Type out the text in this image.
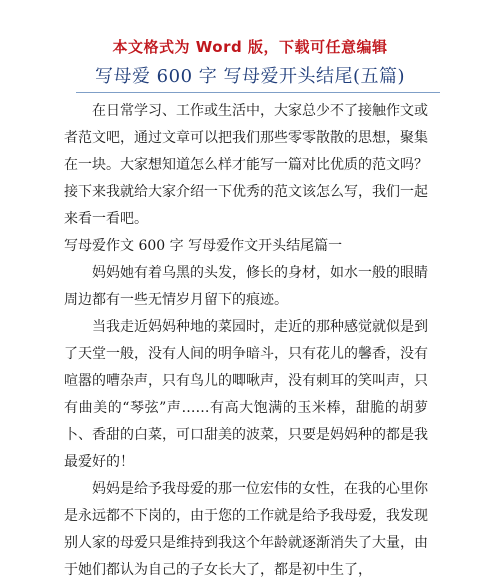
本文格式为 Word 版，下载可任意编辑
写母爱 600 字 写母爱开头结尾(五篇)

在日常学习、工作或生活中，大家总少不了接触作文或者范文吧，通过文章可以把我们那些零零散散的思想，聚集在一块。大家想知道怎么样才能写一篇对比优质的范文吗？接下来我就给大家介绍一下优秀的范文该怎么写，我们一起来看一看吧。

写母爱作文 600 字 写母爱作文开头结尾篇一

妈妈她有着乌黑的头发，修长的身材，如水一般的眼睛周边都有一些无情岁月留下的痕迹。

当我走近妈妈种地的菜园时，走近的那种感觉就似是到了天堂一般，没有人间的明争暗斗，只有花儿的馨香，没有喧嚣的嘈杂声，只有鸟儿的唧啾声，没有刺耳的笑叫声，只有曲美的“琴弦”声……有高大饱满的玉米棒，甜脆的胡萝卜、香甜的白菜，可口甜美的波菜，只要是妈妈种的都是我最爱好的！

妈妈是给予我母爱的那一位宏伟的女性，在我的心里你是永远都不下岗的，由于您的工作就是给予我母爱，我发现别人家的母爱只是维持到我这个年龄就逐渐消失了大量，由于她们都认为自己的子女长大了，都是初中生了，
